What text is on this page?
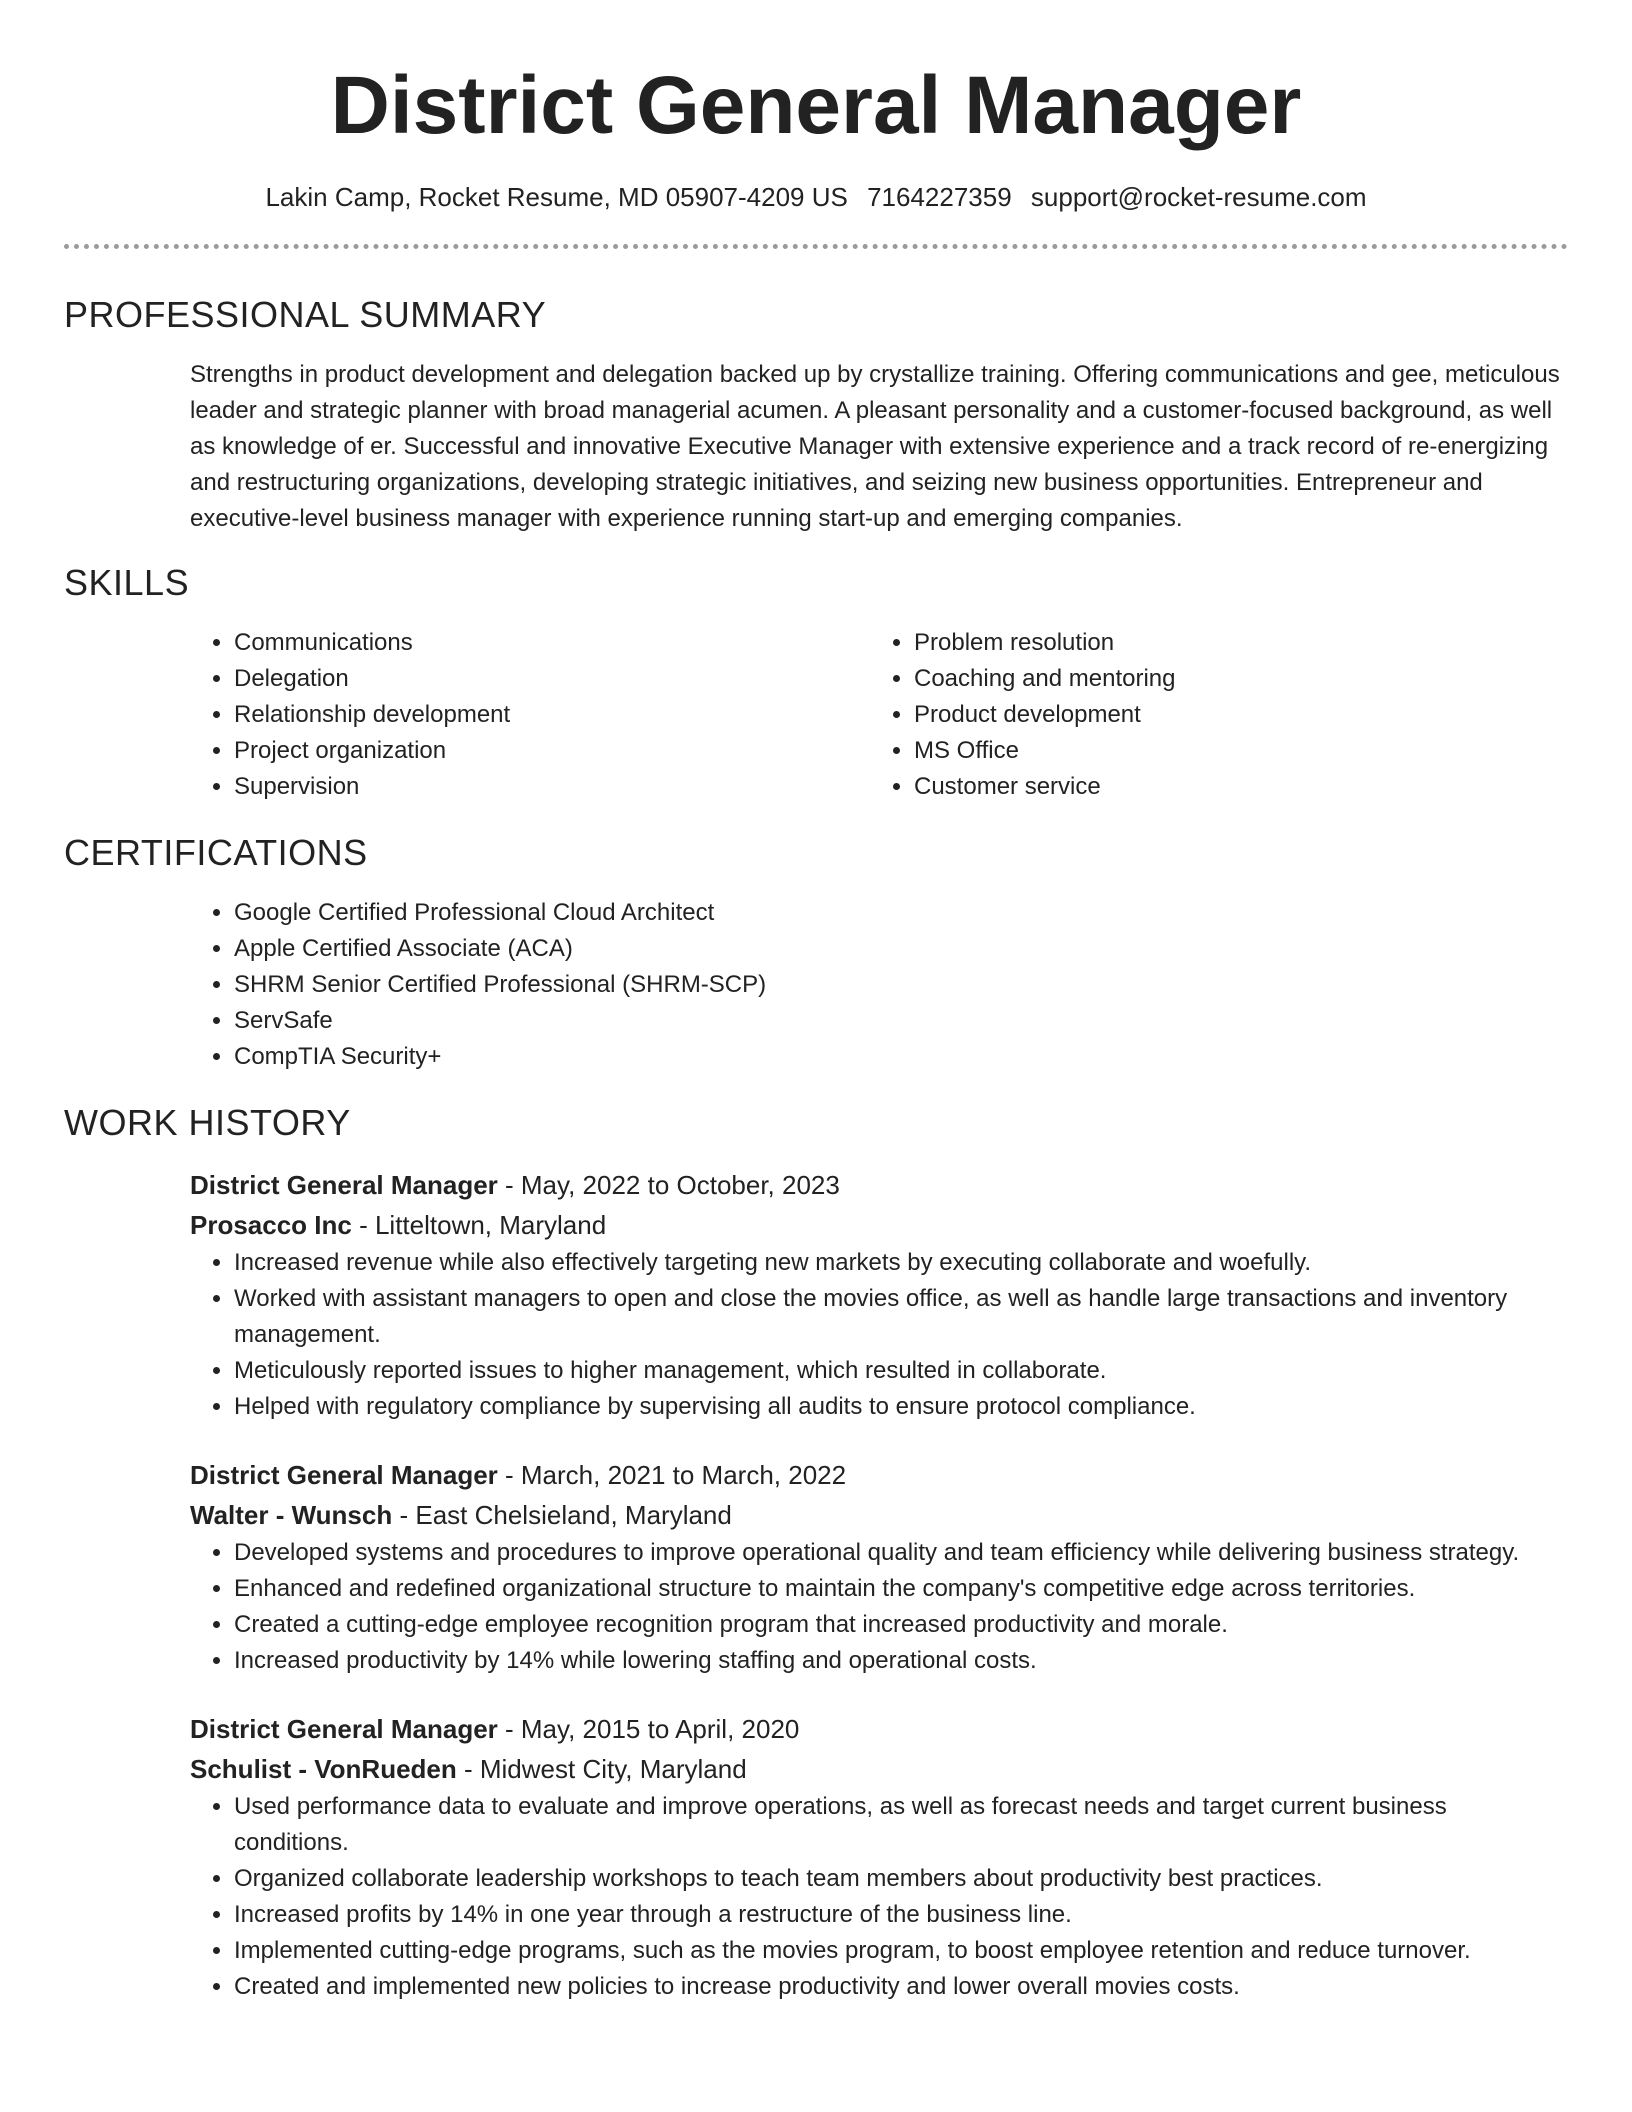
District General Manager
Lakin Camp, Rocket Resume, MD 05907-4209 US 7164227359 support@rocket-resume.com
PROFESSIONAL SUMMARY

Strengths in product development and delegation backed up by crystallize training. Offering communications and gee, meticulous leader and strategic planner with broad managerial acumen. A pleasant personality and a customer-focused background, as well as knowledge of er. Successful and innovative Executive Manager with extensive experience and a track record of re-energizing and restructuring organizations, developing strategic initiatives, and seizing new business opportunities. Entrepreneur and executive-level business manager with experience running start-up and emerging companies.

SKILLS
• Communications
• Delegation
• Relationship development
• Project organization
• Supervision
• Problem resolution
• Coaching and mentoring
• Product development
• MS Office
• Customer service
CERTIFICATIONS
• Google Certified Professional Cloud Architect
• Apple Certified Associate (ACA)
• SHRM Senior Certified Professional (SHRM-SCP)
• ServSafe
• CompTIA Security+
WORK HISTORY

District General Manager - May, 2022 to October, 2023

Prosacco Inc - Litteltown, Maryland

• Increased revenue while also effectively targeting new markets by executing collaborate and woefully.
• Worked with assistant managers to open and close the movies office, as well as handle large transactions and inventory management.
• Meticulously reported issues to higher management, which resulted in collaborate.
• Helped with regulatory compliance by supervising all audits to ensure protocol compliance.

District General Manager - March, 2021 to March, 2022

Walter - Wunsch - East Chelsieland, Maryland

• Developed systems and procedures to improve operational quality and team efficiency while delivering business strategy.
• Enhanced and redefined organizational structure to maintain the company's competitive edge across territories.
• Created a cutting-edge employee recognition program that increased productivity and morale.
• Increased productivity by 14% while lowering staffing and operational costs.

District General Manager - May, 2015 to April, 2020

Schulist - VonRueden - Midwest City, Maryland

• Used performance data to evaluate and improve operations, as well as forecast needs and target current business conditions.
• Organized collaborate leadership workshops to teach team members about productivity best practices.
• Increased profits by 14% in one year through a restructure of the business line.
• Implemented cutting-edge programs, such as the movies program, to boost employee retention and reduce turnover.
• Created and implemented new policies to increase productivity and lower overall movies costs.
